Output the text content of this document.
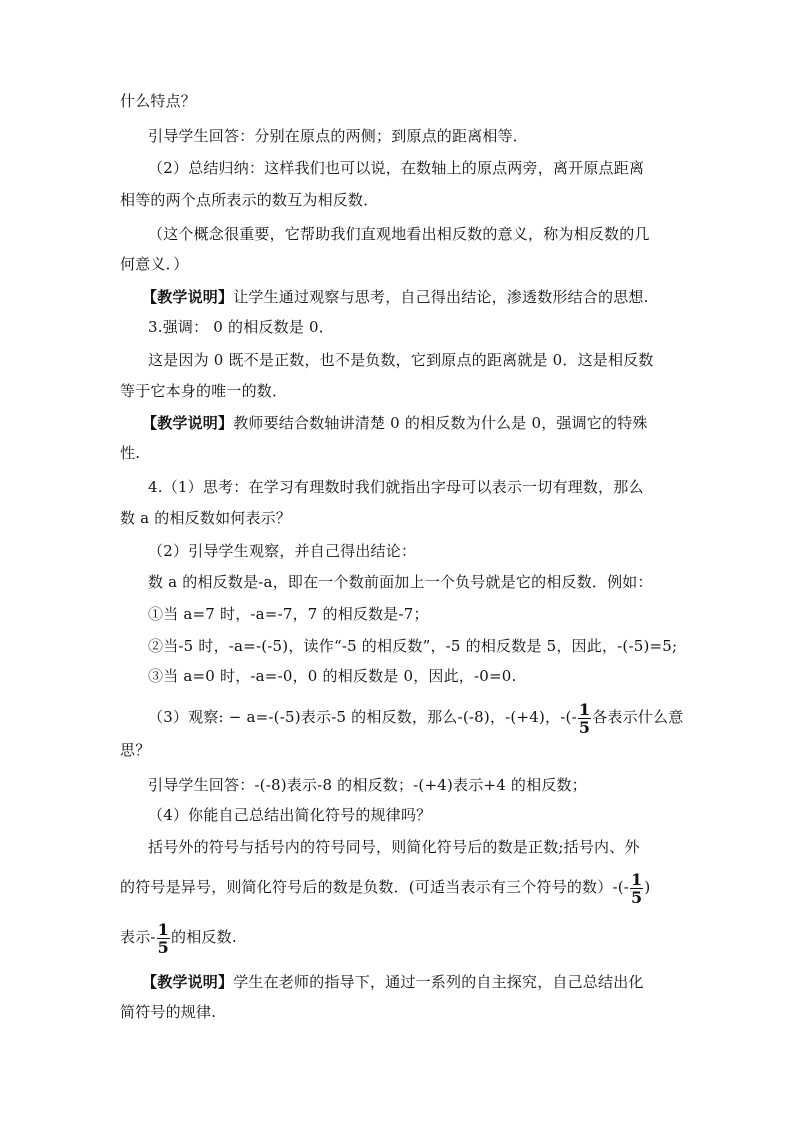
什么特点？
引导学生回答：分别在原点的两侧；到原点的距离相等．
（2）总结归纳：这样我们也可以说，在数轴上的原点两旁，离开原点距离
相等的两个点所表示的数互为相反数．
（这个概念很重要，它帮助我们直观地看出相反数的意义，称为相反数的几
何意义．）
【教学说明】让学生通过观察与思考，自己得出结论，渗透数形结合的思想.
3.强调： 0 的相反数是 0．
这是因为 0 既不是正数，也不是负数，它到原点的距离就是 0．这是相反数
等于它本身的唯一的数．
【教学说明】教师要结合数轴讲清楚 0 的相反数为什么是 0，强调它的特殊
性.
4.（1）思考：在学习有理数时我们就指出字母可以表示一切有理数，那么
数 a 的相反数如何表示？
（2）引导学生观察，并自己得出结论：
数 a 的相反数是-a，即在一个数前面加上一个负号就是它的相反数．例如：
①当 a=7 时，-a=-7，7 的相反数是-7；
②当-5 时，-a=-(-5)，读作“-5 的相反数”，-5 的相反数是 5，因此，-(-5)=5;
③当 a=0 时，-a=-0，0 的相反数是 0，因此，-0=0.
（3）观察: − a=-(-5)表示-5 的相反数，那么-(-8)，-(+4)，-(- $\frac{1}{5}$ 各表示什么意
思？
引导学生回答：-(-8)表示-8 的相反数；-(+4)表示+4 的相反数；
（4）你能自己总结出简化符号的规律吗？
括号外的符号与括号内的符号同号，则简化符号后的数是正数;括号内、外
的符号是异号，则简化符号后的数是负数．(可适当表示有三个符号的数）-(- $\frac{1}{5}$ )
表示- $\frac{1}{5}$ 的相反数.
【教学说明】学生在老师的指导下，通过一系列的自主探究，自己总结出化
简符号的规律.
